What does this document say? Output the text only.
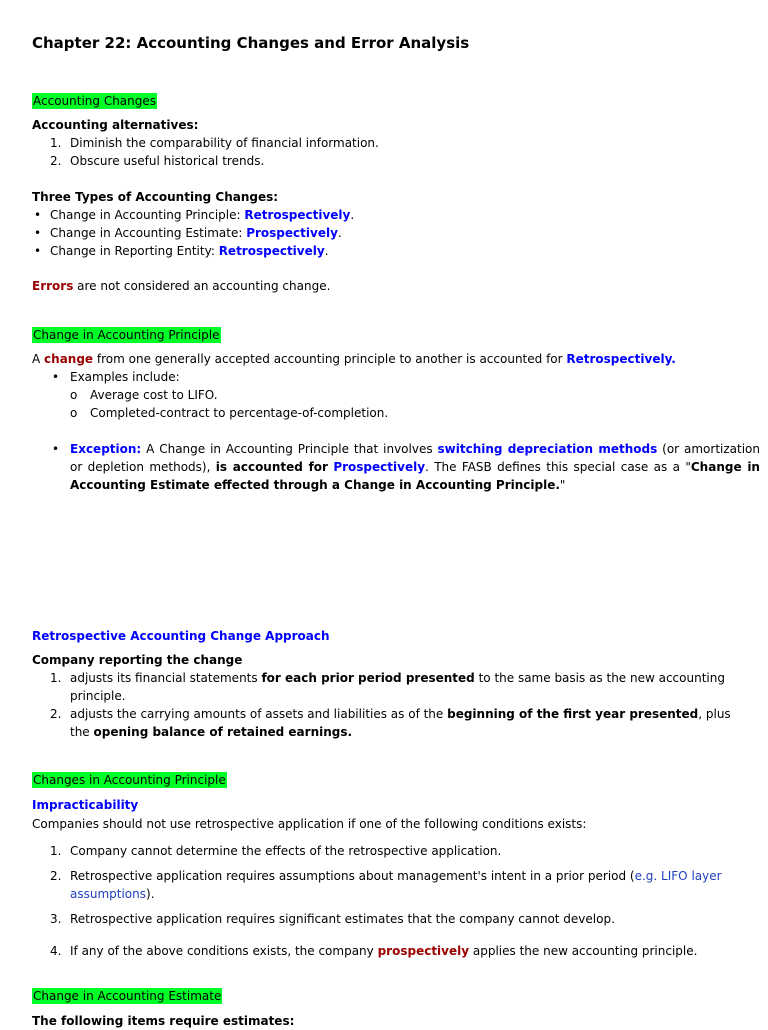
Chapter 22: Accounting Changes and Error Analysis
Accounting Changes
Accounting alternatives:
1. Diminish the comparability of financial information.
2. Obscure useful historical trends.
Three Types of Accounting Changes:
• Change in Accounting Principle: Retrospectively.
• Change in Accounting Estimate: Prospectively.
• Change in Reporting Entity: Retrospectively.
Errors are not considered an accounting change.
Change in Accounting Principle
A change from one generally accepted accounting principle to another is accounted for Retrospectively.
• Examples include:
o Average cost to LIFO.
o Completed-contract to percentage-of-completion.
• Exception: A Change in Accounting Principle that involves switching depreciation methods (or amortization or depletion methods), is accounted for Prospectively. The FASB defines this special case as a "Change in Accounting Estimate effected through a Change in Accounting Principle."
Retrospective Accounting Change Approach
Company reporting the change
1. adjusts its financial statements for each prior period presented to the same basis as the new accounting principle.
2. adjusts the carrying amounts of assets and liabilities as of the beginning of the first year presented, plus the opening balance of retained earnings.
Changes in Accounting Principle
Impracticability
Companies should not use retrospective application if one of the following conditions exists:
1. Company cannot determine the effects of the retrospective application.
2. Retrospective application requires assumptions about management's intent in a prior period (e.g. LIFO layer assumptions).
3. Retrospective application requires significant estimates that the company cannot develop.
4. If any of the above conditions exists, the company prospectively applies the new accounting principle.
Change in Accounting Estimate
The following items require estimates:
